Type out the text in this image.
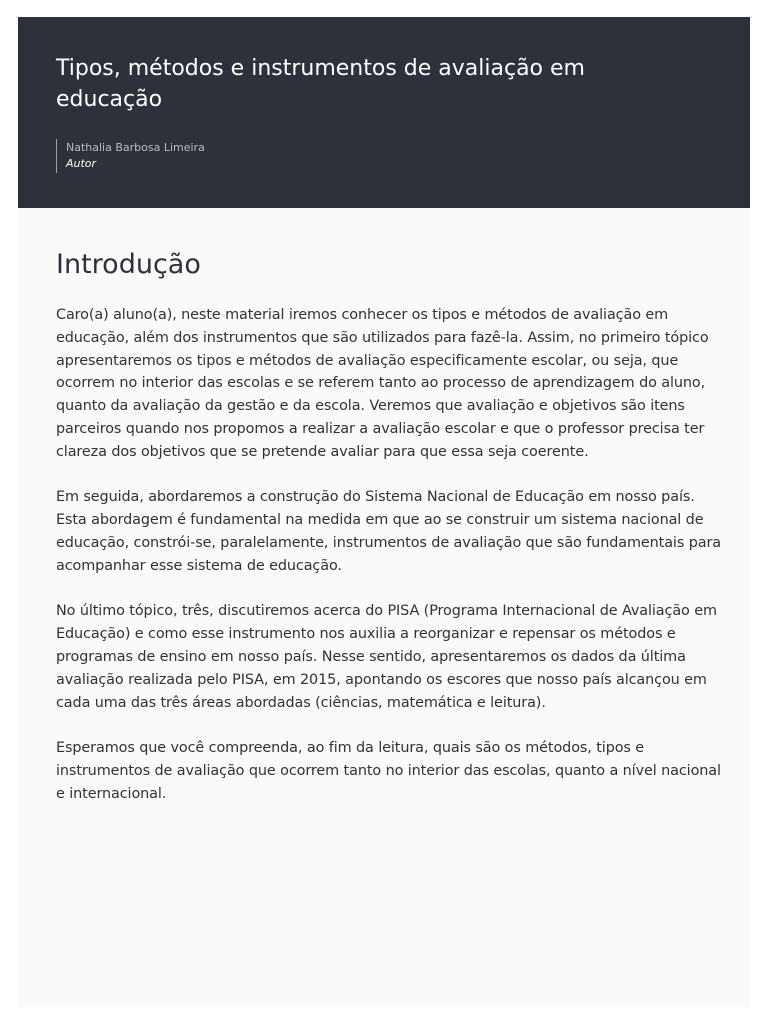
Tipos, métodos e instrumentos de avaliação em educação
Nathalia Barbosa Limeira
Autor
Introdução

Caro(a) aluno(a), neste material iremos conhecer os tipos e métodos de avaliação em educação, além dos instrumentos que são utilizados para fazê-la. Assim, no primeiro tópico apresentaremos os tipos e métodos de avaliação especificamente escolar, ou seja, que ocorrem no interior das escolas e se referem tanto ao processo de aprendizagem do aluno, quanto da avaliação da gestão e da escola. Veremos que avaliação e objetivos são itens parceiros quando nos propomos a realizar a avaliação escolar e que o professor precisa ter clareza dos objetivos que se pretende avaliar para que essa seja coerente.

Em seguida, abordaremos a construção do Sistema Nacional de Educação em nosso país. Esta abordagem é fundamental na medida em que ao se construir um sistema nacional de educação, constrói-se, paralelamente, instrumentos de avaliação que são fundamentais para acompanhar esse sistema de educação.

No último tópico, três, discutiremos acerca do PISA (Programa Internacional de Avaliação em Educação) e como esse instrumento nos auxilia a reorganizar e repensar os métodos e programas de ensino em nosso país. Nesse sentido, apresentaremos os dados da última avaliação realizada pelo PISA, em 2015, apontando os escores que nosso país alcançou em cada uma das três áreas abordadas (ciências, matemática e leitura).

Esperamos que você compreenda, ao fim da leitura, quais são os métodos, tipos e instrumentos de avaliação que ocorrem tanto no interior das escolas, quanto a nível nacional e internacional.
